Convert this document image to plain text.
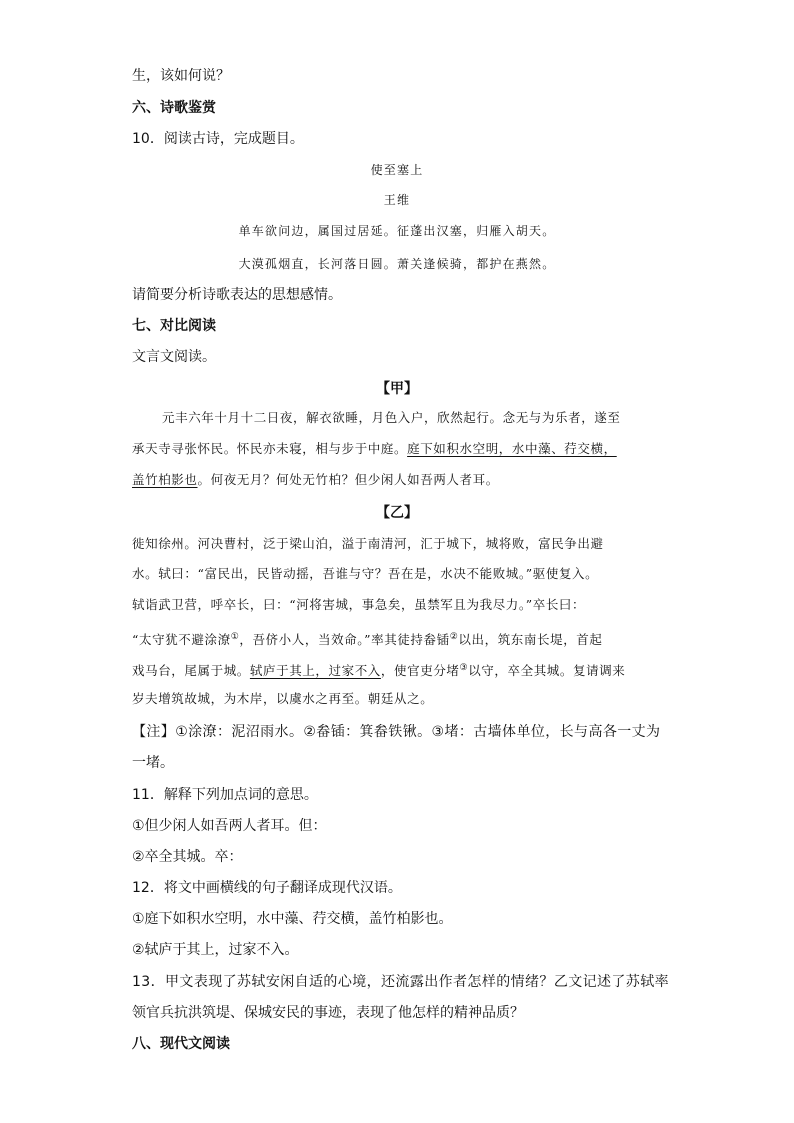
生，该如何说？
六、诗歌鉴赏
10．阅读古诗，完成题目。
使至塞上
王维
单车欲问边，属国过居延。征蓬出汉塞，归雁入胡天。
大漠孤烟直，长河落日圆。萧关逢候骑，都护在燕然。
请简要分析诗歌表达的思想感情。
七、对比阅读
文言文阅读。
【甲】
元丰六年十月十二日夜，解衣欲睡，月色入户，欣然起行。念无与为乐者，遂至
承天寺寻张怀民。怀民亦未寝，相与步于中庭。庭下如积水空明，水中藻、荇交横，
盖竹柏影也。何夜无月？何处无竹柏？但少闲人如吾两人者耳。
【乙】
徙知徐州。河决曹村，泛于梁山泊，溢于南清河，汇于城下，城将败，富民争出避
水。轼曰：“富民出，民皆动摇，吾谁与守？吾在是，水决不能败城。”驱使复入。
轼诣武卫营，呼卒长，曰：“河将害城，事急矣，虽禁军且为我尽力。”卒长曰：
“太守犹不避涂潦①，吾侪小人，当效命。”率其徒持畚锸②以出，筑东南长堤，首起
戏马台，尾属于城。轼庐于其上，过家不入，使官吏分堵③以守，卒全其城。复请调来
岁夫增筑故城，为木岸，以虞水之再至。朝廷从之。
【注】①涂潦：泥沼雨水。②畚锸：箕畚铁锹。③堵：古墙体单位，长与高各一丈为
一堵。
11．解释下列加点词的意思。
①但少闲人如吾两人者耳。但：
②卒全其城。卒：
12．将文中画横线的句子翻译成现代汉语。
①庭下如积水空明，水中藻、荇交横，盖竹柏影也。
②轼庐于其上，过家不入。
13．甲文表现了苏轼安闲自适的心境，还流露出作者怎样的情绪？乙文记述了苏轼率
领官兵抗洪筑堤、保城安民的事迹，表现了他怎样的精神品质？
八、现代文阅读
